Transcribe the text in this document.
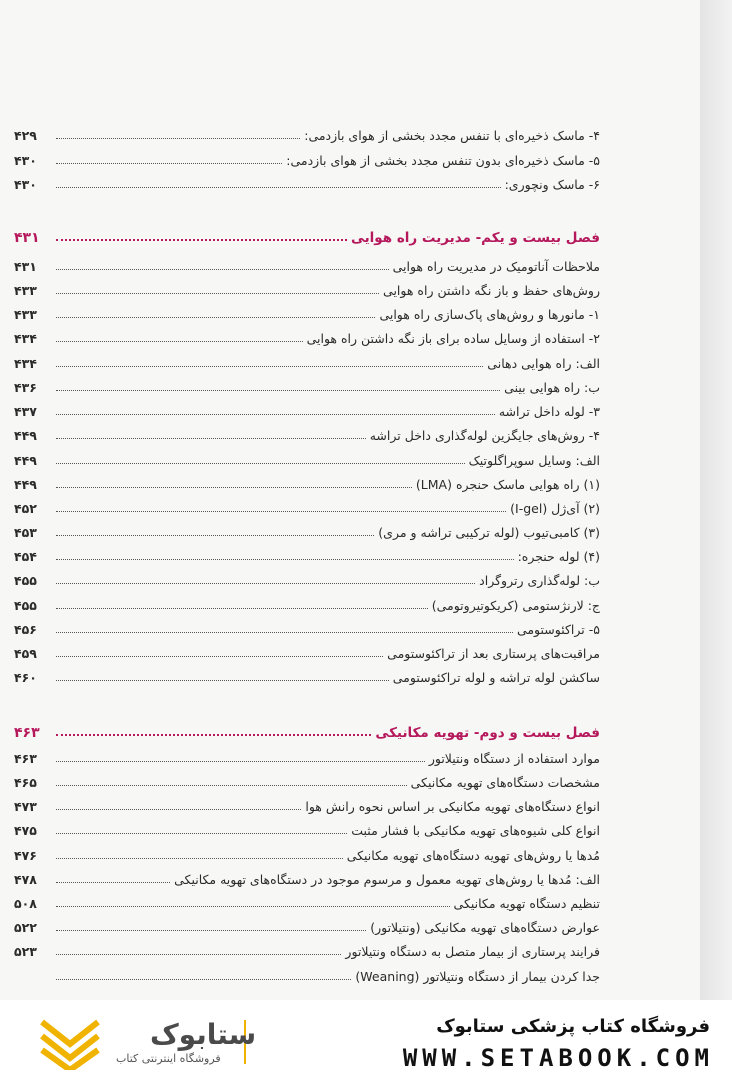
۴- ماسک ذخیره‌ای با تنفس مجدد بخشی از هوای بازدمی:
۴۲۹
۵- ماسک ذخیره‌ای بدون تنفس مجدد بخشی از هوای بازدمی:
۴۳۰
۶- ماسک ونچوری:
۴۳۰
فصل بیست و یکم- مدیریت راه هوایی
۴۳۱
ملاحظات آناتومیک در مدیریت راه هوایی
۴۳۱
روش‌های حفظ و باز نگه داشتن راه هوایی
۴۳۳
۱- مانورها و روش‌های پاک‌سازی راه هوایی
۴۳۳
۲- استفاده از وسایل ساده برای باز نگه داشتن راه هوایی
۴۳۴
الف: راه هوایی دهانی
۴۳۴
ب: راه هوایی بینی
۴۳۶
۳- لوله داخل تراشه
۴۳۷
۴- روش‌های جایگزین لوله‌گذاری داخل تراشه
۴۴۹
الف: وسایل سوپراگلوتیک
۴۴۹
(۱) راه هوایی ماسک حنجره (LMA)
۴۴۹
(۲) آی‌ژل (I-gel)
۴۵۲
(۳) کامبی‌تیوب (لوله ترکیبی تراشه و مری)
۴۵۳
(۴) لوله حنجره:
۴۵۴
ب: لوله‌گذاری رتروگراد
۴۵۵
ج: لارنژستومی (کریکوتیروتومی)
۴۵۵
۵- تراکئوستومی
۴۵۶
مراقبت‌های پرستاری بعد از تراکئوستومی
۴۵۹
ساکشن لوله تراشه و لوله تراکئوستومی
۴۶۰
فصل بیست و دوم- تهویه مکانیکی
۴۶۳
موارد استفاده از دستگاه ونتیلاتور
۴۶۳
مشخصات دستگاه‌های تهویه مکانیکی
۴۶۵
انواع دستگاه‌های تهویه مکانیکی بر اساس نحوه رانش هوا
۴۷۳
انواع کلی شیوه‌های تهویه مکانیکی با فشار مثبت
۴۷۵
مُدها یا روش‌های تهویه دستگاه‌های تهویه مکانیکی
۴۷۶
الف: مُدها یا روش‌های تهویه معمول و مرسوم موجود در دستگاه‌های تهویه مکانیکی
۴۷۸
تنظیم دستگاه تهویه مکانیکی
۵۰۸
عوارض دستگاه‌های تهویه مکانیکی (ونتیلاتور)
۵۲۲
فرایند پرستاری از بیمار متصل به دستگاه ونتیلاتور
۵۲۳
جدا کردن بیمار از دستگاه ونتیلاتور (Weaning)
ستابوک
فروشگاه اینترنتی کتاب
فروشگاه کتاب پزشکی ستابوک
WWW.SETABOOK.COM
